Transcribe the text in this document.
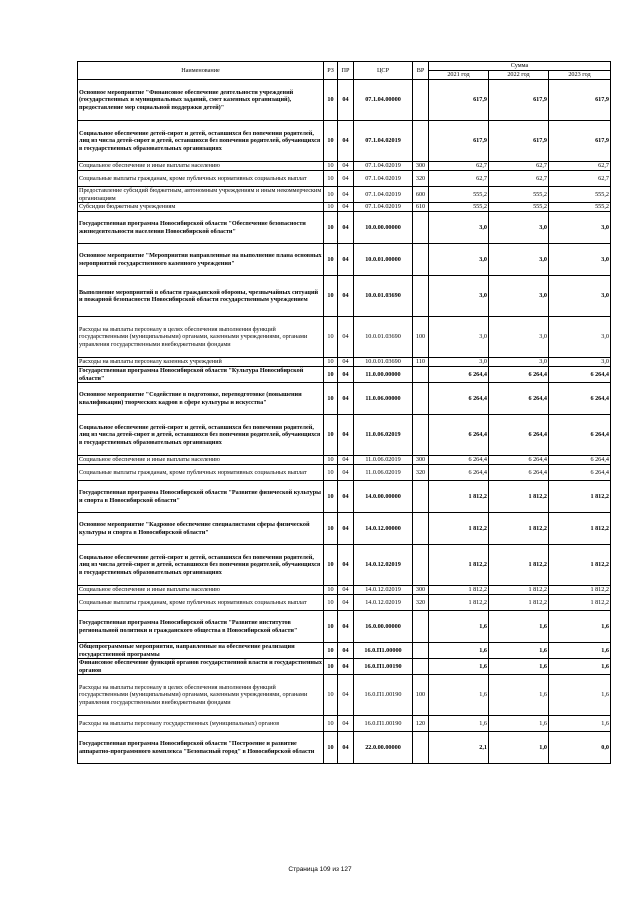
Наименование	РЗ	ПР	ЦСР	ВР	Сумма		
					2021 год	2022 год	2023 год
Основное мероприятие "Финансовое обеспечение деятельности учреждений (государственных и муниципальных заданий, смет казенных организаций), предоставление мер социальной поддержки детей)"	10	04	07.1.04.00000		617,9	617,9	617,9
Социальное обеспечение детей-сирот и детей, оставшихся без попечения родителей, лиц из числа детей-сирот и детей, оставшихся без попечения родителей, обучающихся в государственных образовательных организациях	10	04	07.1.04.02019		617,9	617,9	617,9
Социальное обеспечение и иные выплаты населению	10	04	07.1.04.02019	300	62,7	62,7	62,7
Социальные выплаты гражданам, кроме публичных нормативных социальных выплат	10	04	07.1.04.02019	320	62,7	62,7	62,7
Предоставление субсидий бюджетным, автономным учреждениям и иным некоммерческим организациям	10	04	07.1.04.02019	600	555,2	555,2	555,2
Субсидии бюджетным учреждениям	10	04	07.1.04.02019	610	555,2	555,2	555,2
Государственная программа Новосибирской области "Обеспечение безопасности жизнедеятельности населения Новосибирской области"	10	04	10.0.00.00000		3,0	3,0	3,0
Основное мероприятие "Мероприятия направленные на выполнение плана основных мероприятий государственного казенного учреждения"	10	04	10.0.01.00000		3,0	3,0	3,0
Выполнение мероприятий в области гражданской обороны, чрезвычайных ситуаций и пожарной безопасности Новосибирской области государственным учреждением	10	04	10.0.01.03690		3,0	3,0	3,0
Расходы на выплаты персоналу в целях обеспечения выполнения функций государственными (муниципальными) органами, казенными учреждениями, органами управления государственными внебюджетными фондами	10	04	10.0.01.03690	100	3,0	3,0	3,0
Расходы на выплаты персоналу казенных учреждений	10	04	10.0.01.03690	110	3,0	3,0	3,0
Государственная программа Новосибирской области "Культура Новосибирской области"	10	04	11.0.00.00000		6 264,4	6 264,4	6 264,4
Основное мероприятие "Содействие в подготовке, переподготовке (повышении квалификации) творческих кадров в сфере культуры и искусства"	10	04	11.0.06.00000		6 264,4	6 264,4	6 264,4
Социальное обеспечение детей-сирот и детей, оставшихся без попечения родителей, лиц из числа детей-сирот и детей, оставшихся без попечения родителей, обучающихся в государственных образовательных организациях	10	04	11.0.06.02019		6 264,4	6 264,4	6 264,4
Социальное обеспечение и иные выплаты населению	10	04	11.0.06.02019	300	6 264,4	6 264,4	6 264,4
Социальные выплаты гражданам, кроме публичных нормативных социальных выплат	10	04	11.0.06.02019	320	6 264,4	6 264,4	6 264,4
Государственная программа Новосибирской области "Развитие физической культуры и спорта в Новосибирской области"	10	04	14.0.00.00000		1 812,2	1 812,2	1 812,2
Основное мероприятие "Кадровое обеспечение специалистами сферы физической культуры и спорта в Новосибирской области"	10	04	14.0.12.00000		1 812,2	1 812,2	1 812,2
Социальное обеспечение детей-сирот и детей, оставшихся без попечения родителей, лиц из числа детей-сирот и детей, оставшихся без попечения родителей, обучающихся в государственных образовательных организациях	10	04	14.0.12.02019		1 812,2	1 812,2	1 812,2
Социальное обеспечение и иные выплаты населению	10	04	14.0.12.02019	300	1 812,2	1 812,2	1 812,2
Социальные выплаты гражданам, кроме публичных нормативных социальных выплат	10	04	14.0.12.02019	320	1 812,2	1 812,2	1 812,2
Государственная программа Новосибирской области "Развитие институтов региональной политики и гражданского общества в Новосибирской области"	10	04	16.0.00.00000		1,6	1,6	1,6
Общепрограммные мероприятия, направленные на обеспечение реализации государственной программы	10	04	16.0.П1.00000		1,6	1,6	1,6
Финансовое обеспечение функций органов государственной власти и государственных органов	10	04	16.0.П1.00190		1,6	1,6	1,6
Расходы на выплаты персоналу в целях обеспечения выполнения функций государственными (муниципальными) органами, казенными учреждениями, органами управления государственными внебюджетными фондами	10	04	16.0.П1.00190	100	1,6	1,6	1,6
Расходы на выплаты персоналу государственных (муниципальных) органов	10	04	16.0.П1.00190	120	1,6	1,6	1,6
Государственная программа Новосибирской области "Построение и развитие аппаратно-программного комплекса "Безопасный город" в Новосибирской области	10	04	22.0.00.00000		2,1	1,0	0,0
Страница 109 из 127
